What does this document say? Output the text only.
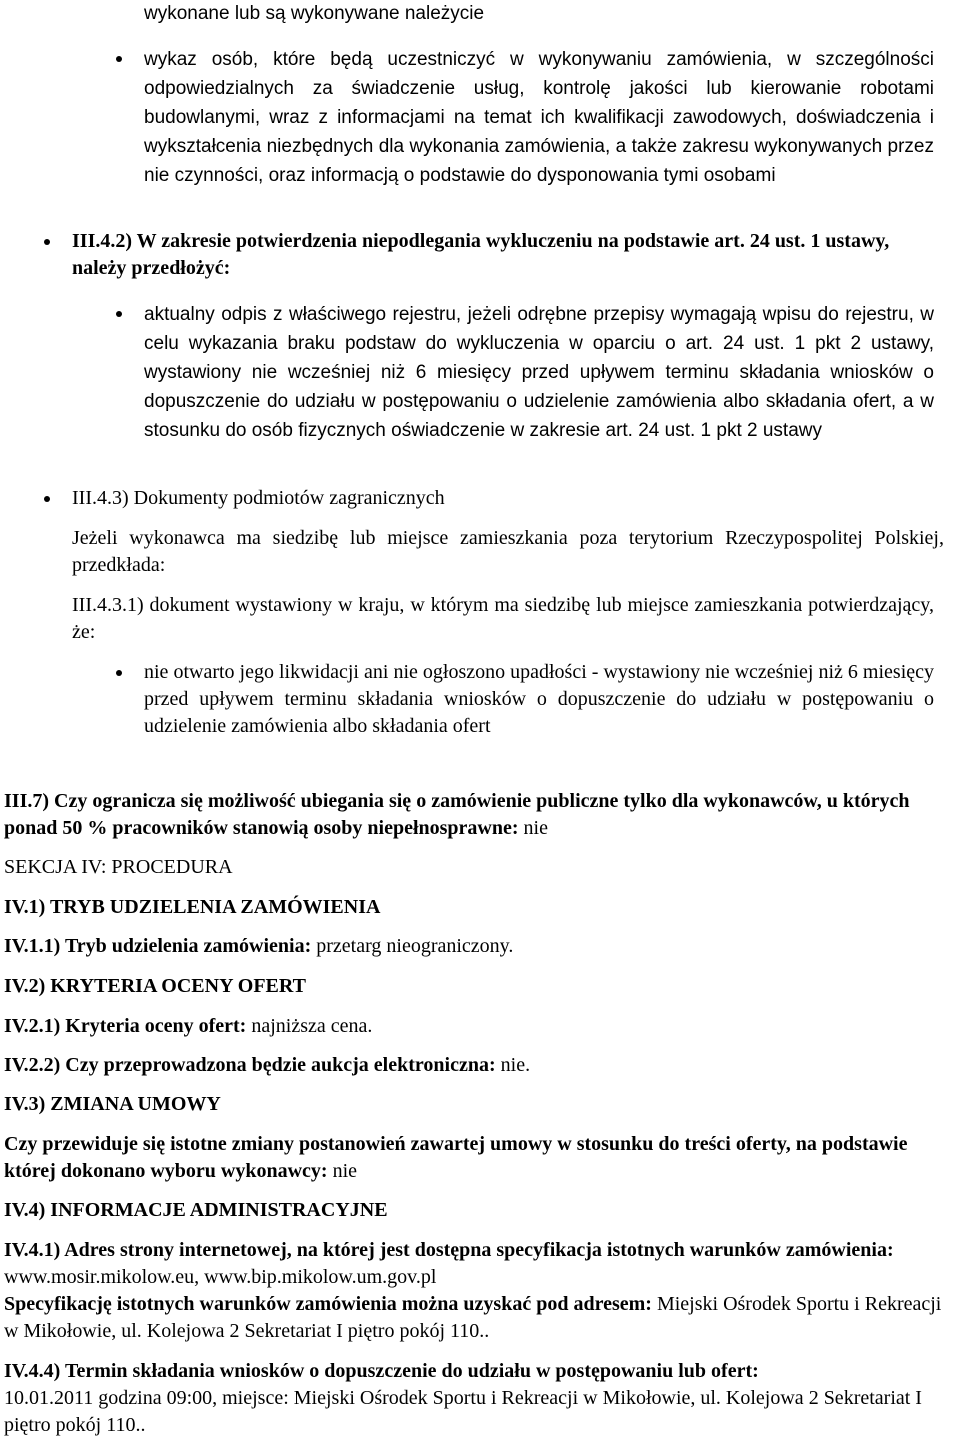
wykonane lub są wykonywane należycie

wykaz osób, które będą uczestniczyć w wykonywaniu zamówienia, w szczególności odpowiedzialnych za świadczenie usług, kontrolę jakości lub kierowanie robotami budowlanymi, wraz z informacjami na temat ich kwalifikacji zawodowych, doświadczenia i wykształcenia niezbędnych dla wykonania zamówienia, a także zakresu wykonywanych przez nie czynności, oraz informacją o podstawie do dysponowania tymi osobami

III.4.2) W zakresie potwierdzenia niepodlegania wykluczeniu na podstawie art. 24 ust. 1 ustawy, należy przedłożyć:

aktualny odpis z właściwego rejestru, jeżeli odrębne przepisy wymagają wpisu do rejestru, w celu wykazania braku podstaw do wykluczenia w oparciu o art. 24 ust. 1 pkt 2 ustawy, wystawiony nie wcześniej niż 6 miesięcy przed upływem terminu składania wniosków o dopuszczenie do udziału w postępowaniu o udzielenie zamówienia albo składania ofert, a w stosunku do osób fizycznych oświadczenie w zakresie art. 24 ust. 1 pkt 2 ustawy

III.4.3) Dokumenty podmiotów zagranicznych

Jeżeli wykonawca ma siedzibę lub miejsce zamieszkania poza terytorium Rzeczypospolitej Polskiej, przedkłada:

III.4.3.1) dokument wystawiony w kraju, w którym ma siedzibę lub miejsce zamieszkania potwierdzający, że:

nie otwarto jego likwidacji ani nie ogłoszono upadłości - wystawiony nie wcześniej niż 6 miesięcy przed upływem terminu składania wniosków o dopuszczenie do udziału w postępowaniu o udzielenie zamówienia albo składania ofert

III.7) Czy ogranicza się możliwość ubiegania się o zamówienie publiczne tylko dla wykonawców, u których ponad 50 % pracowników stanowią osoby niepełnosprawne: nie

SEKCJA IV: PROCEDURA

IV.1) TRYB UDZIELENIA ZAMÓWIENIA

IV.1.1) Tryb udzielenia zamówienia: przetarg nieograniczony.

IV.2) KRYTERIA OCENY OFERT

IV.2.1) Kryteria oceny ofert: najniższa cena.

IV.2.2) Czy przeprowadzona będzie aukcja elektroniczna: nie.

IV.3) ZMIANA UMOWY

Czy przewiduje się istotne zmiany postanowień zawartej umowy w stosunku do treści oferty, na podstawie której dokonano wyboru wykonawcy: nie

IV.4) INFORMACJE ADMINISTRACYJNE

IV.4.1) Adres strony internetowej, na której jest dostępna specyfikacja istotnych warunków zamówienia: www.mosir.mikolow.eu, www.bip.mikolow.um.gov.pl

Specyfikację istotnych warunków zamówienia można uzyskać pod adresem: Miejski Ośrodek Sportu i Rekreacji w Mikołowie, ul. Kolejowa 2 Sekretariat I piętro pokój 110..

IV.4.4) Termin składania wniosków o dopuszczenie do udziału w postępowaniu lub ofert:
10.01.2011 godzina 09:00, miejsce: Miejski Ośrodek Sportu i Rekreacji w Mikołowie, ul. Kolejowa 2 Sekretariat I piętro pokój 110..
